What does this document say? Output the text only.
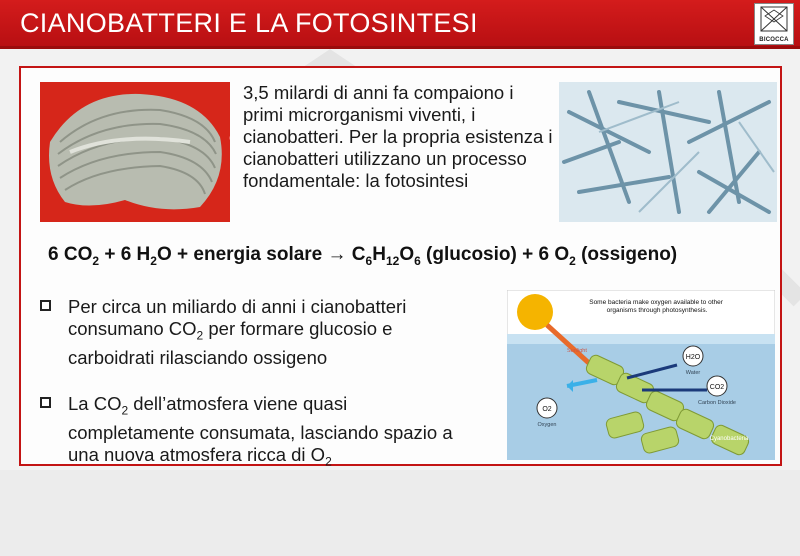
CIANOBATTERI E LA FOTOSINTESI
BICOCCA
3,5 milardi di anni fa compaiono i primi microrganismi viventi, i cianobatteri. Per la propria esistenza i cianobatteri utilizzano un processo fondamentale: la fotosintesi
6 $CO_2 + 6$ $H_2O$ + energia solare → $C_6H_{12}O_6$ (glucosio) + 6 $O_2$ (ossigeno)
Per circa un miliardo di anni i cianobatteri consumano $CO_2$ per formare glucosio e carboidrati rilasciando ossigeno
La $CO_2$ dell’atmosfera viene quasi completamente consumata, lasciando spazio a una nuova atmosfera ricca di $O_2$
Some bacteria make oxygen available to other organisms through photosynthesis.
Sunlight
H2O
Water
CO2
Carbon Dioxide
O2
Oxygen
Cyanobacteria
